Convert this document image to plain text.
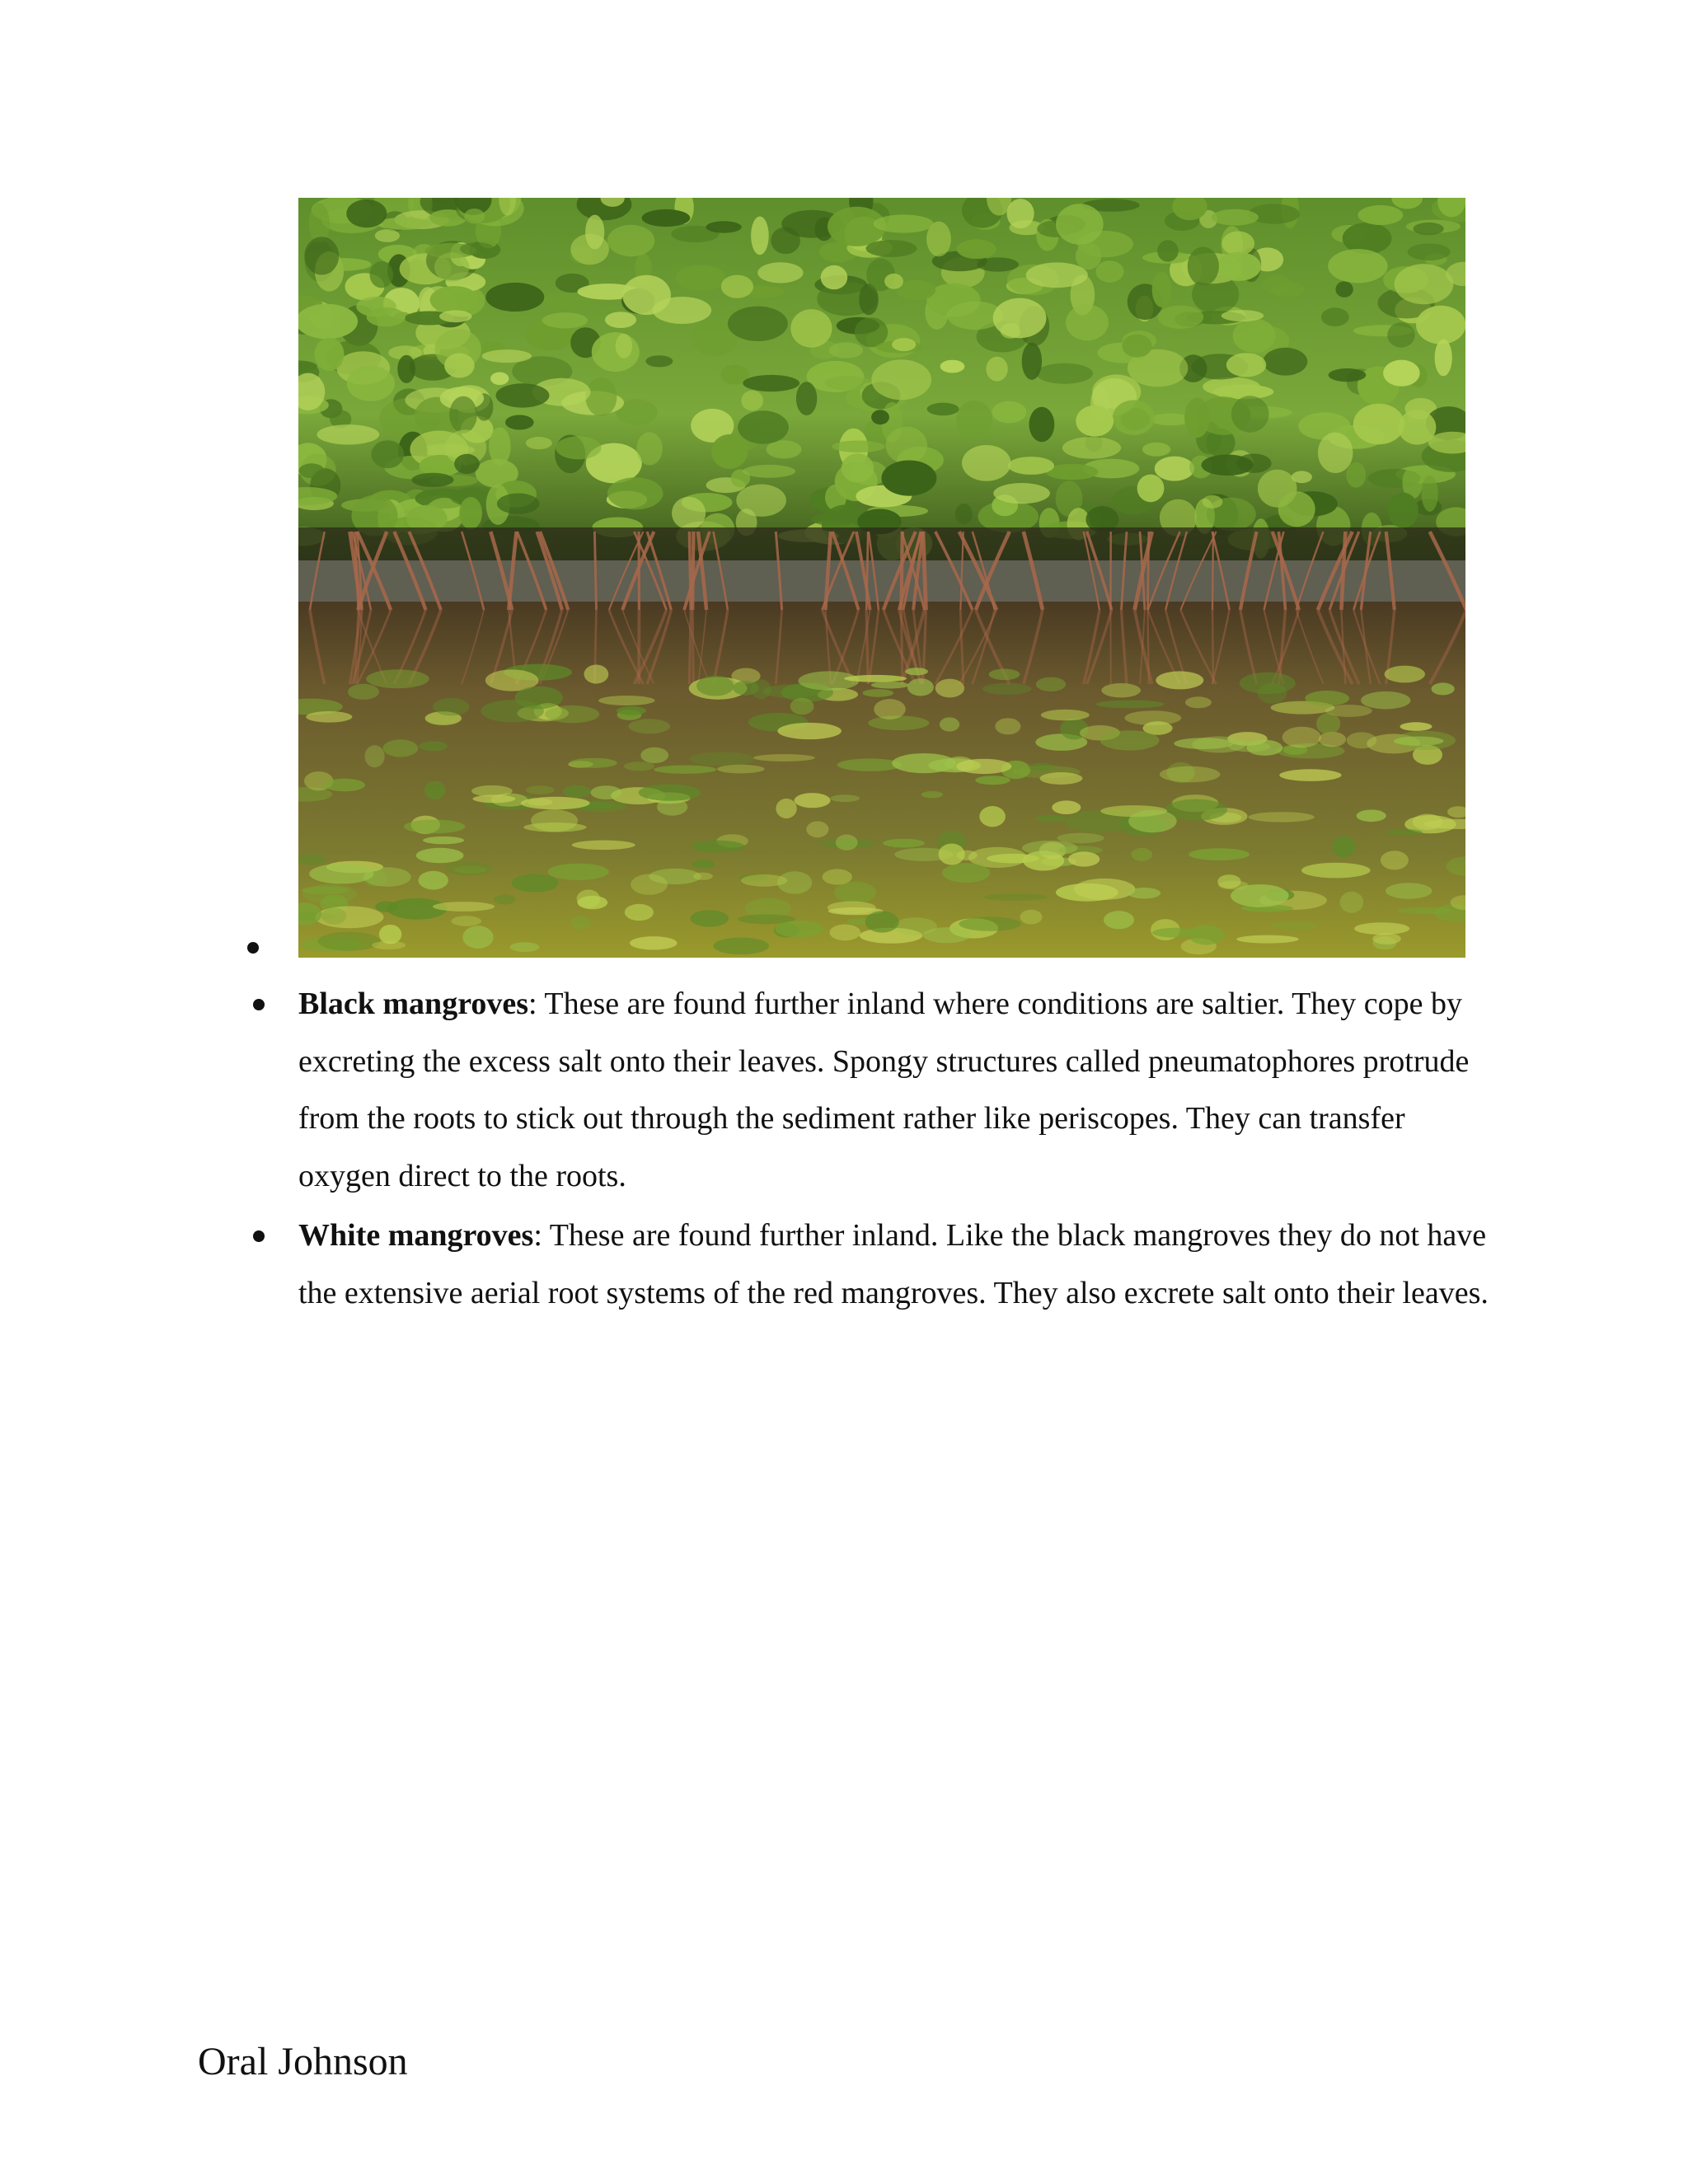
Black mangroves: These are found further inland where conditions are saltier. They cope by excreting the excess salt onto their leaves. Spongy structures called pneumatophores protrude from the roots to stick out through the sediment rather like periscopes. They can transfer oxygen direct to the roots.
White mangroves: These are found further inland. Like the black mangroves they do not have the extensive aerial root systems of the red mangroves. They also excrete salt onto their leaves.
Oral Johnson
